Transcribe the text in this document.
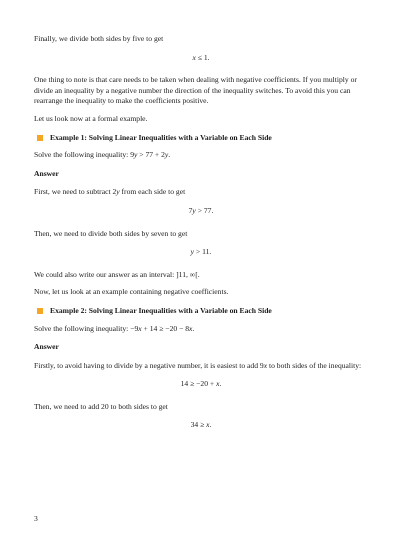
Finally, we divide both sides by five to get

x ≤ 1.

One thing to note is that care needs to be taken when dealing with negative coefficients. If you multiply or divide an inequality by a negative number the direction of the inequality switches. To avoid this you can rearrange the inequality to make the coefficients positive.

Let us look now at a formal example.

Example 1: Solving Linear Inequalities with a Variable on Each Side

Solve the following inequality: 9y > 77 + 2y.

Answer

First, we need to subtract 2y from each side to get

7y > 77.

Then, we need to divide both sides by seven to get

y > 11.

We could also write our answer as an interval: ]11, ∞[.

Now, let us look at an example containing negative coefficients.

Example 2: Solving Linear Inequalities with a Variable on Each Side

Solve the following inequality: −9x + 14 ≥ −20 − 8x.

Answer

Firstly, to avoid having to divide by a negative number, it is easiest to add 9x to both sides of the inequality:

14 ≥ −20 + x.

Then, we need to add 20 to both sides to get

34 ≥ x.

3
